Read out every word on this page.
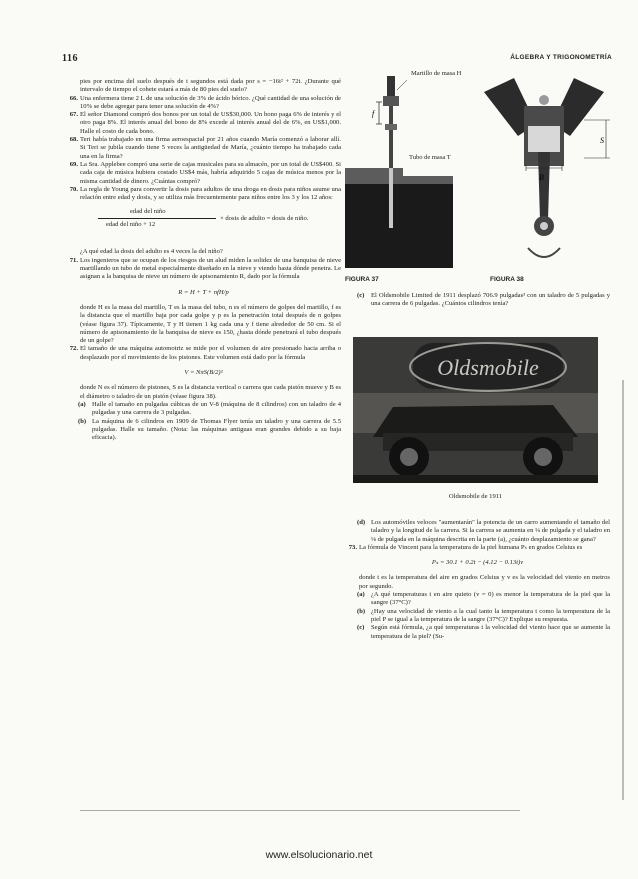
116	ÁLGEBRA Y TRIGONOMETRÍA
pies por encima del suelo después de t segundos está dada por s = −16t² + 72t. ¿Durante qué intervalo de tiempo el cohete estará a más de 80 pies del suelo?
66. Una enfermera tiene 2 L de una solución de 3% de ácido bórico. ¿Qué cantidad de una solución de 10% se debe agregar para tener una solución de 4%?
67. El señor Diamond compró dos bonos por un total de US$30,000. Un bono paga 6% de interés y el otro paga 8%. El interés anual del bono de 8% excede al interés anual del de 6%, en US$1,000. Halle el costo de cada bono.
68. Teri había trabajado en una firma aeroespacial por 21 años cuando María comenzó a laborar allí. Si Teri se jubila cuando tiene 5 veces la antigüedad de María, ¿cuánto tiempo ha trabajado cada una en la firma?
69. La Sra. Applebee compró una serie de cajas musicales para su almacén, por un total de US$400. Si cada caja de música hubiera costado US$4 más, habría adquirido 5 cajas de música menos por la misma cantidad de dinero. ¿Cuántas compró?
70. La regla de Young para convertir la dosis para adultos de una droga en dosis para niños asume una relación entre edad y dosis, y se utiliza más frecuentemente para niños entre los 3 y los 12 años:
edad del niño
edad del niño + 12
× dosis de adulto = dosis de niño.
¿A qué edad la dosis del adulto es 4 veces la del niño?
71. Los ingenieros que se ocupan de los riesgos de un alud miden la solidez de una banquisa de nieve martillando un tubo de metal especialmente diseñado en la nieve y viendo hasta dónde penetra. Le asignan a la banquisa de nieve un número de apisonamiento R, dado por la fórmula
R = H + T + nfH/p
donde H es la masa del martillo, T es la masa del tubo, n es el número de golpes del martillo, f es la distancia que el martillo baja por cada golpe y p es la penetración total después de n golpes (véase figura 37). Típicamente, T y H tienen 1 kg cada una y f tiene alrededor de 50 cm. Si el número de apisonamiento de la banquisa de nieve es 150, ¿hasta dónde penetrará el tubo después de un golpe?
72. El tamaño de una máquina automotriz se mide por el volumen de aire presionado hacia arriba o desplazado por el movimiento de los pistones. Este volumen está dado por la fórmula
V = NπS(B/2)²
donde N es el número de pistones, S es la distancia vertical o carrera que cada pistón mueve y B es el diámetro o taladro de un pistón (véase figura 38).
(a) Halle el tamaño en pulgadas cúbicas de un V-8 (máquina de 8 cilindros) con un taladro de 4 pulgadas y una carrera de 3 pulgadas.
(b) La máquina de 6 cilindros en 1909 de Thomas Flyer tenía un taladro y una carrera de 5.5 pulgadas. Halle su tamaño. (Nota: las máquinas antiguas eran grandes debido a su baja eficacia).
f
Martillo de masa H
Tubo de masa T
B
S
FIGURA 37	FIGURA 38
(c) El Oldsmobile Limited de 1911 desplazó 706.9 pulgadas³ con un taladro de 5 pulgadas y una carrera de 6 pulgadas. ¿Cuántos cilindros tenía?
Oldsmobile
Oldsmobile de 1911
(d) Los automóviles veloces "aumentarán" la potencia de un carro aumentando el tamaño del taladro y la longitud de la carrera. Si la carrera se aumenta en ¼ de pulgada y el taladro en ⅛ de pulgada en la máquina descrita en la parte (a), ¿cuánto desplazamiento se gana?
73. La fórmula de Vincent para la temperatura de la piel humana Pₛ en grados Celsius es
Pₛ = 30.1 + 0.2t − (4.12 − 0.13t)v
donde t es la temperatura del aire en grados Celsius y v es la velocidad del viento en metros por segundo.
(a) ¿A qué temperaturas t en aire quieto (v = 0) es menor la temperatura de la piel que la sangre (37°C)?
(b) ¿Hay una velocidad de viento a la cual tanto la temperatura t como la temperatura de la piel P se igual a la temperatura de la sangre (37°C)? Explique su respuesta.
(c) Según está fórmula, ¿a qué temperaturas t la velocidad del viento hace que se aumente la temperatura de la piel? (Su-
www.elsolucionario.net
